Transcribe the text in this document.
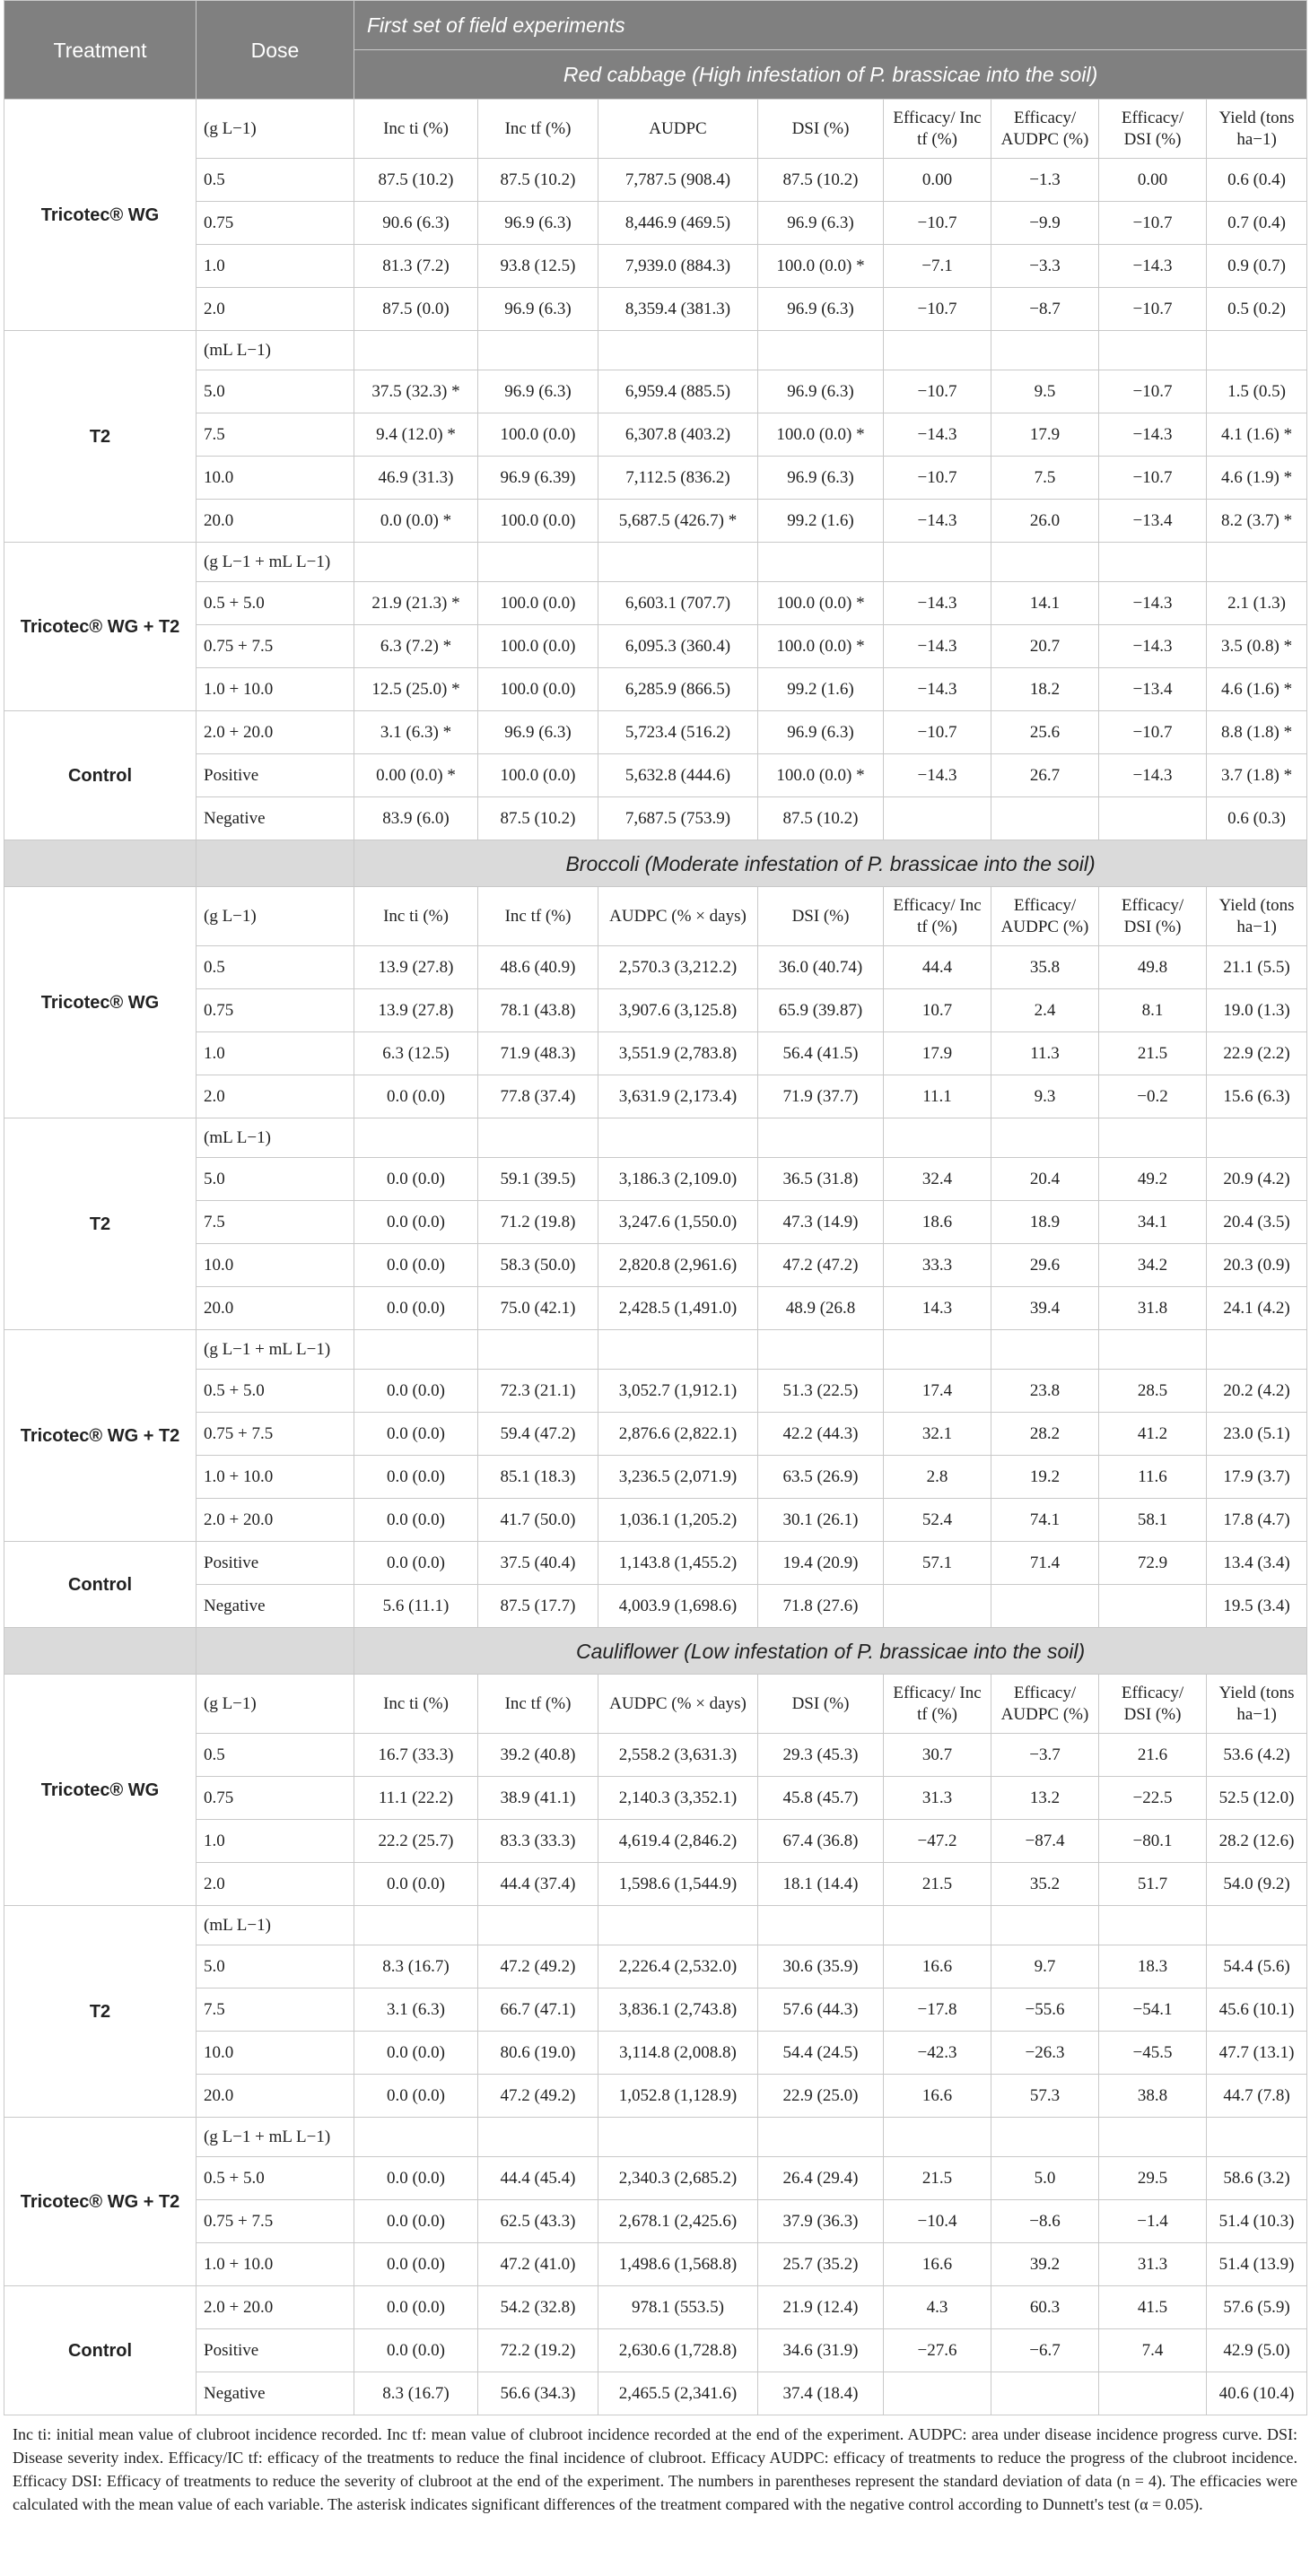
Treatment	Dose	First set of field experiments							
		Red cabbage (High infestation of P. brassicae into the soil)							
Tricotec® WG	(g L−1)	Inc ti (%)	Inc tf (%)	AUDPC	DSI (%)	Efficacy/ Inc tf (%)	Efficacy/ AUDPC (%)	Efficacy/ DSI (%)	Yield (tons ha−1)
	0.5	87.5 (10.2)	87.5 (10.2)	7,787.5 (908.4)	87.5 (10.2)	0.00	−1.3	0.00	0.6 (0.4)
	0.75	90.6 (6.3)	96.9 (6.3)	8,446.9 (469.5)	96.9 (6.3)	−10.7	−9.9	−10.7	0.7 (0.4)
	1.0	81.3 (7.2)	93.8 (12.5)	7,939.0 (884.3)	100.0 (0.0) *	−7.1	−3.3	−14.3	0.9 (0.7)
	2.0	87.5 (0.0)	96.9 (6.3)	8,359.4 (381.3)	96.9 (6.3)	−10.7	−8.7	−10.7	0.5 (0.2)
T2	(mL L−1)								
	5.0	37.5 (32.3) *	96.9 (6.3)	6,959.4 (885.5)	96.9 (6.3)	−10.7	9.5	−10.7	1.5 (0.5)
	7.5	9.4 (12.0) *	100.0 (0.0)	6,307.8 (403.2)	100.0 (0.0) *	−14.3	17.9	−14.3	4.1 (1.6) *
	10.0	46.9 (31.3)	96.9 (6.39)	7,112.5 (836.2)	96.9 (6.3)	−10.7	7.5	−10.7	4.6 (1.9) *
	20.0	0.0 (0.0) *	100.0 (0.0)	5,687.5 (426.7) *	99.2 (1.6)	−14.3	26.0	−13.4	8.2 (3.7) *
Tricotec® WG + T2	(g L−1 + mL L−1)								
	0.5 + 5.0	21.9 (21.3) *	100.0 (0.0)	6,603.1 (707.7)	100.0 (0.0) *	−14.3	14.1	−14.3	2.1 (1.3)
	0.75 + 7.5	6.3 (7.2) *	100.0 (0.0)	6,095.3 (360.4)	100.0 (0.0) *	−14.3	20.7	−14.3	3.5 (0.8) *
	1.0 + 10.0	12.5 (25.0) *	100.0 (0.0)	6,285.9 (866.5)	99.2 (1.6)	−14.3	18.2	−13.4	4.6 (1.6) *
Control	2.0 + 20.0	3.1 (6.3) *	96.9 (6.3)	5,723.4 (516.2)	96.9 (6.3)	−10.7	25.6	−10.7	8.8 (1.8) *
	Positive	0.00 (0.0) *	100.0 (0.0)	5,632.8 (444.6)	100.0 (0.0) *	−14.3	26.7	−14.3	3.7 (1.8) *
	Negative	83.9 (6.0)	87.5 (10.2)	7,687.5 (753.9)	87.5 (10.2)				0.6 (0.3)
		Broccoli (Moderate infestation of P. brassicae into the soil)							
Tricotec® WG	(g L−1)	Inc ti (%)	Inc tf (%)	AUDPC (% × days)	DSI (%)	Efficacy/ Inc tf (%)	Efficacy/ AUDPC (%)	Efficacy/ DSI (%)	Yield (tons ha−1)
	0.5	13.9 (27.8)	48.6 (40.9)	2,570.3 (3,212.2)	36.0 (40.74)	44.4	35.8	49.8	21.1 (5.5)
	0.75	13.9 (27.8)	78.1 (43.8)	3,907.6 (3,125.8)	65.9 (39.87)	10.7	2.4	8.1	19.0 (1.3)
	1.0	6.3 (12.5)	71.9 (48.3)	3,551.9 (2,783.8)	56.4 (41.5)	17.9	11.3	21.5	22.9 (2.2)
	2.0	0.0 (0.0)	77.8 (37.4)	3,631.9 (2,173.4)	71.9 (37.7)	11.1	9.3	−0.2	15.6 (6.3)
T2	(mL L−1)								
	5.0	0.0 (0.0)	59.1 (39.5)	3,186.3 (2,109.0)	36.5 (31.8)	32.4	20.4	49.2	20.9 (4.2)
	7.5	0.0 (0.0)	71.2 (19.8)	3,247.6 (1,550.0)	47.3 (14.9)	18.6	18.9	34.1	20.4 (3.5)
	10.0	0.0 (0.0)	58.3 (50.0)	2,820.8 (2,961.6)	47.2 (47.2)	33.3	29.6	34.2	20.3 (0.9)
	20.0	0.0 (0.0)	75.0 (42.1)	2,428.5 (1,491.0)	48.9 (26.8	14.3	39.4	31.8	24.1 (4.2)
Tricotec® WG + T2	(g L−1 + mL L−1)								
	0.5 + 5.0	0.0 (0.0)	72.3 (21.1)	3,052.7 (1,912.1)	51.3 (22.5)	17.4	23.8	28.5	20.2 (4.2)
	0.75 + 7.5	0.0 (0.0)	59.4 (47.2)	2,876.6 (2,822.1)	42.2 (44.3)	32.1	28.2	41.2	23.0 (5.1)
	1.0 + 10.0	0.0 (0.0)	85.1 (18.3)	3,236.5 (2,071.9)	63.5 (26.9)	2.8	19.2	11.6	17.9 (3.7)
	2.0 + 20.0	0.0 (0.0)	41.7 (50.0)	1,036.1 (1,205.2)	30.1 (26.1)	52.4	74.1	58.1	17.8 (4.7)
Control	Positive	0.0 (0.0)	37.5 (40.4)	1,143.8 (1,455.2)	19.4 (20.9)	57.1	71.4	72.9	13.4 (3.4)
	Negative	5.6 (11.1)	87.5 (17.7)	4,003.9 (1,698.6)	71.8 (27.6)				19.5 (3.4)
		Cauliflower (Low infestation of P. brassicae into the soil)							
Tricotec® WG	(g L−1)	Inc ti (%)	Inc tf (%)	AUDPC (% × days)	DSI (%)	Efficacy/ Inc tf (%)	Efficacy/ AUDPC (%)	Efficacy/ DSI (%)	Yield (tons ha−1)
	0.5	16.7 (33.3)	39.2 (40.8)	2,558.2 (3,631.3)	29.3 (45.3)	30.7	−3.7	21.6	53.6 (4.2)
	0.75	11.1 (22.2)	38.9 (41.1)	2,140.3 (3,352.1)	45.8 (45.7)	31.3	13.2	−22.5	52.5 (12.0)
	1.0	22.2 (25.7)	83.3 (33.3)	4,619.4 (2,846.2)	67.4 (36.8)	−47.2	−87.4	−80.1	28.2 (12.6)
	2.0	0.0 (0.0)	44.4 (37.4)	1,598.6 (1,544.9)	18.1 (14.4)	21.5	35.2	51.7	54.0 (9.2)
T2	(mL L−1)								
	5.0	8.3 (16.7)	47.2 (49.2)	2,226.4 (2,532.0)	30.6 (35.9)	16.6	9.7	18.3	54.4 (5.6)
	7.5	3.1 (6.3)	66.7 (47.1)	3,836.1 (2,743.8)	57.6 (44.3)	−17.8	−55.6	−54.1	45.6 (10.1)
	10.0	0.0 (0.0)	80.6 (19.0)	3,114.8 (2,008.8)	54.4 (24.5)	−42.3	−26.3	−45.5	47.7 (13.1)
	20.0	0.0 (0.0)	47.2 (49.2)	1,052.8 (1,128.9)	22.9 (25.0)	16.6	57.3	38.8	44.7 (7.8)
Tricotec® WG + T2	(g L−1 + mL L−1)								
	0.5 + 5.0	0.0 (0.0)	44.4 (45.4)	2,340.3 (2,685.2)	26.4 (29.4)	21.5	5.0	29.5	58.6 (3.2)
	0.75 + 7.5	0.0 (0.0)	62.5 (43.3)	2,678.1 (2,425.6)	37.9 (36.3)	−10.4	−8.6	−1.4	51.4 (10.3)
	1.0 + 10.0	0.0 (0.0)	47.2 (41.0)	1,498.6 (1,568.8)	25.7 (35.2)	16.6	39.2	31.3	51.4 (13.9)
Control	2.0 + 20.0	0.0 (0.0)	54.2 (32.8)	978.1 (553.5)	21.9 (12.4)	4.3	60.3	41.5	57.6 (5.9)
	Positive	0.0 (0.0)	72.2 (19.2)	2,630.6 (1,728.8)	34.6 (31.9)	−27.6	−6.7	7.4	42.9 (5.0)
	Negative	8.3 (16.7)	56.6 (34.3)	2,465.5 (2,341.6)	37.4 (18.4)				40.6 (10.4)
Inc ti: initial mean value of clubroot incidence recorded. Inc tf: mean value of clubroot incidence recorded at the end of the experiment. AUDPC: area under disease incidence progress curve. DSI: Disease severity index. Efficacy/IC tf: efficacy of the treatments to reduce the final incidence of clubroot. Efficacy AUDPC: efficacy of treatments to reduce the progress of the clubroot incidence. Efficacy DSI: Efficacy of treatments to reduce the severity of clubroot at the end of the experiment. The numbers in parentheses represent the standard deviation of data (n = 4). The efficacies were calculated with the mean value of each variable. The asterisk indicates significant differences of the treatment compared with the negative control according to Dunnett's test (α = 0.05).
